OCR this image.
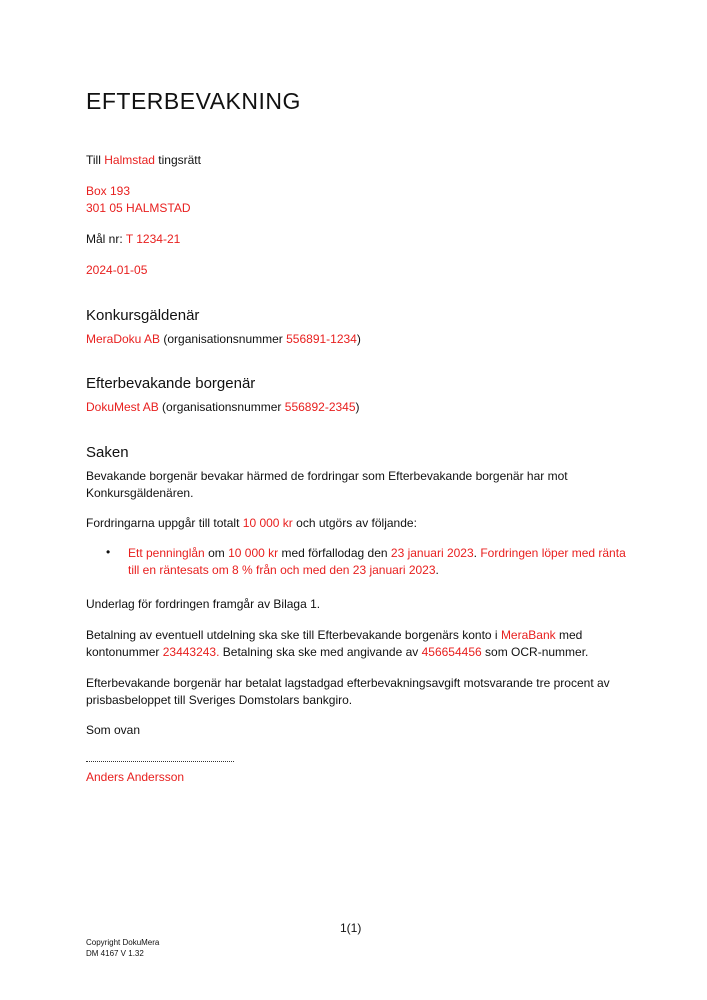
EFTERBEVAKNING
Till Halmstad tingsrätt
Box 193
301 05 HALMSTAD
Mål nr: T 1234-21
2024-01-05
Konkursgäldenär
MeraDoku AB (organisationsnummer 556891-1234)
Efterbevakande borgenär
DokuMest AB (organisationsnummer 556892-2345)
Saken

Bevakande borgenär bevakar härmed de fordringar som Efterbevakande borgenär har mot Konkursgäldenären.

Fordringarna uppgår till totalt 10 000 kr och utgörs av följande:
• Ett penninglån om 10 000 kr med förfallodag den 23 januari 2023. Fordringen löper med ränta till en räntesats om 8 % från och med den 23 januari 2023.

Underlag för fordringen framgår av Bilaga 1.

Betalning av eventuell utdelning ska ske till Efterbevakande borgenärs konto i MeraBank med kontonummer 23443243. Betalning ska ske med angivande av 456654456 som OCR-nummer.

Efterbevakande borgenär har betalat lagstadgad efterbevakningsavgift motsvarande tre procent av prisbasbeloppet till Sveriges Domstolars bankgiro.

Som ovan
Anders Andersson
1(1)
Copyright DokuMera
DM 4167 V 1.32
